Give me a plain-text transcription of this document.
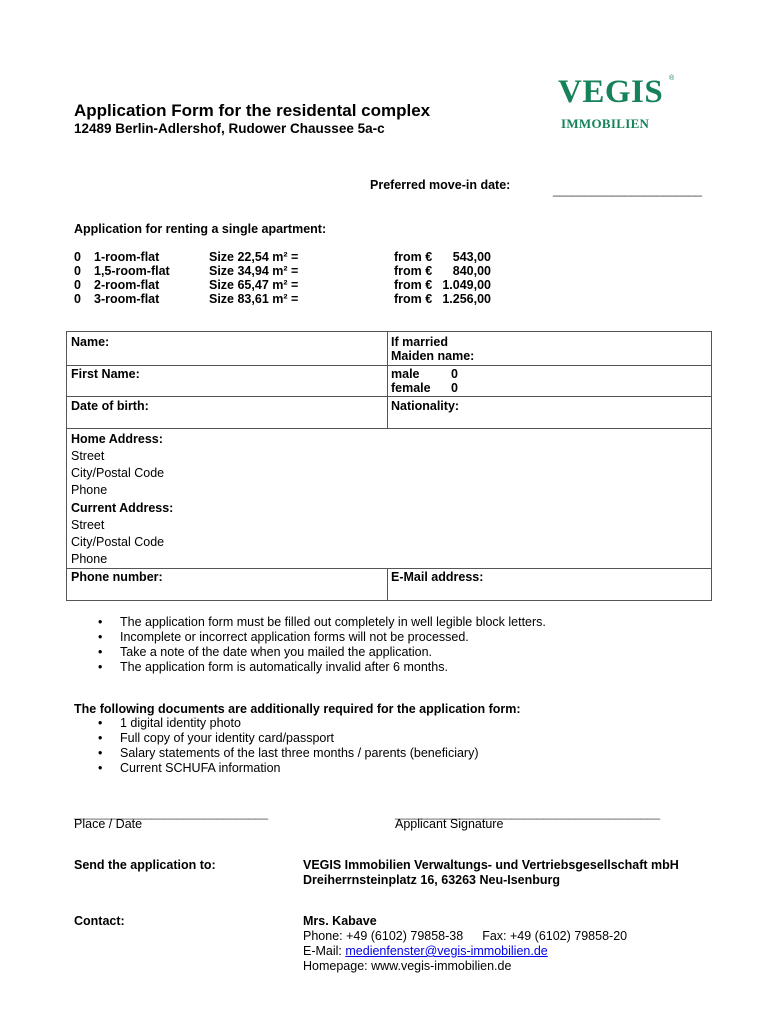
Application Form for the residental complex
12489 Berlin-Adlershof, Rudower Chaussee 5a-c
VEGIS ®
IMMOBILIEN
Preferred move-in date:	_______________________
Application for renting a single apartment:
0 1-room-flat	Size 22,54 m² =	from €	543,00
0 1,5-room-flat	Size 34,94 m² =	from €	840,00
0 2-room-flat	Size 65,47 m² =	from € 1.049,00
0 3-room-flat	Size 83,61 m² =	from € 1.256,00
Name:	If married
Maiden name:
First Name:	male	0
female 0
Date of birth:	Nationality:
Home Address:
Street
City/Postal Code
Phone
Current Address:
Street
City/Postal Code
Phone
Phone number:	E-Mail address:
• The application form must be filled out completely in well legible block letters.
• Incomplete or incorrect application forms will not be processed.
• Take a note of the date when you mailed the application.
• The application form is automatically invalid after 6 months.
The following documents are additionally required for the application form:
• 1 digital identity photo
• Full copy of your identity card/passport
• Salary statements of the last three months / parents (beneficiary)
• Current SCHUFA information
______________________________
Place / Date
_________________________________________
Applicant Signature
Send the application to:	VEGIS Immobilien Verwaltungs- und Vertriebsgesellschaft mbH
Dreiherrnsteinplatz 16, 63263 Neu-Isenburg
Contact:	Mrs. Kabave
Phone: +49 (6102) 79858-38 Fax: +49 (6102) 79858-20
E-Mail: medienfenster@vegis-immobilien.de
Homepage: www.vegis-immobilien.de
